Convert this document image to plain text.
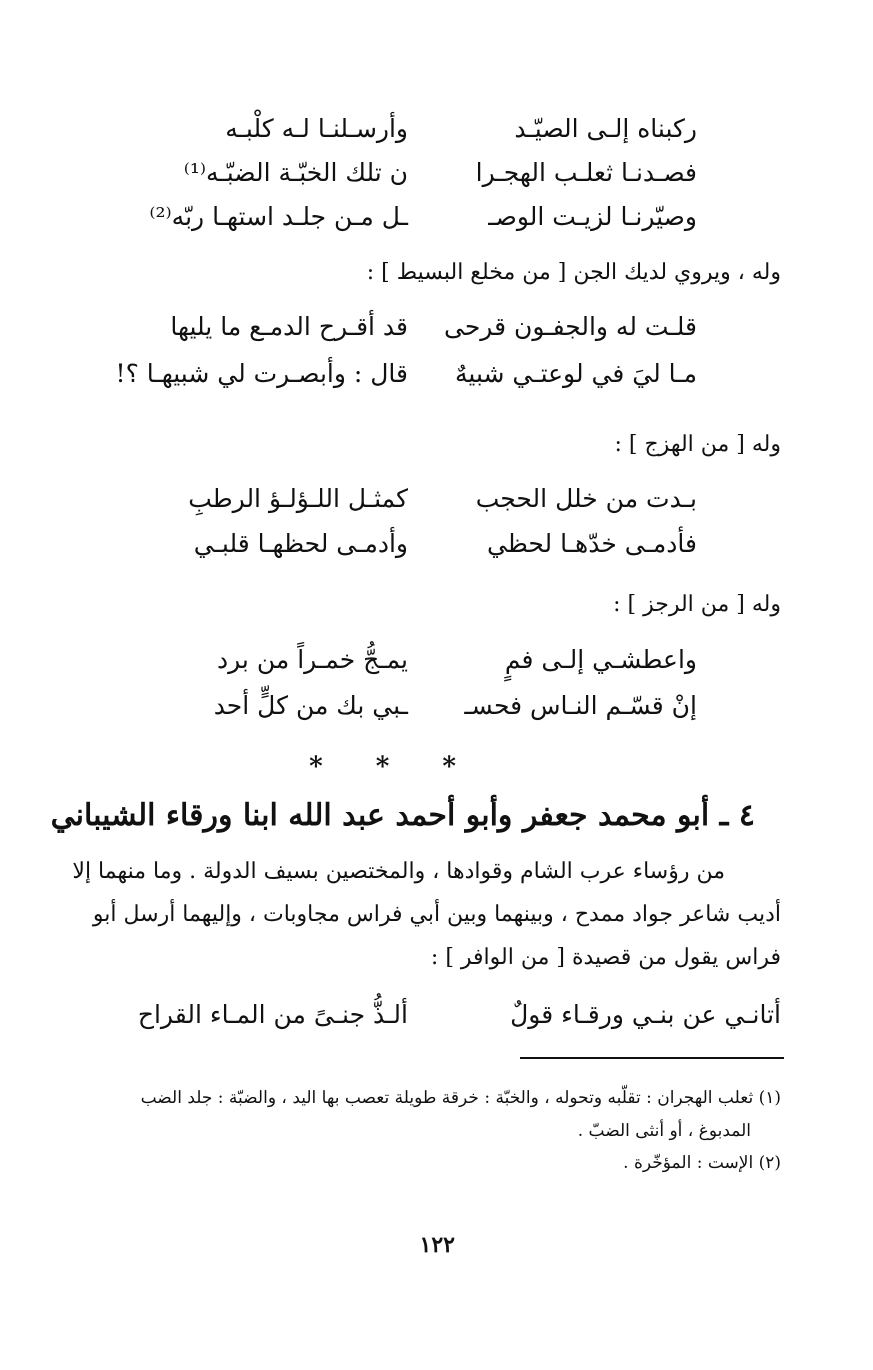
ركبناه إلـى الصيّـد
وأرسـلنـا لـه كلْبـه
فصـدنـا ثعلـب الهجـرا
ن تلك الخبّـة الضبّـه⁽¹⁾
وصيّرنـا لزيـت الوصـ
ـل مـن جلـد استهـا ربّه⁽²⁾
وله ، ويروي لديك الجن [ من مخلع البسيط ] :
قلـت له والجفـون قرحى
قد أقـرح الدمـع ما يليها
مـا ليَ في لوعتـي شبيهٌ
قال : وأبصـرت لي شبيهـا ؟!
وله [ من الهزج ] :
بـدت من خلل الحجب
كمثـل اللـؤلـؤ الرطبِ
فأدمـى خدّهـا لحظي
وأدمـى لحظهـا قلبـي
وله [ من الرجز ] :
واعطشـي إلـى فمٍ
يمـجُّ خمـراً من برد
إنْ قسّـم النـاس فحسـ
ـبي بك من كلٍّ أحد
* * *
٤ ـ أبو محمد جعفر وأبو أحمد عبد الله ابنا ورقاء الشيباني
من رؤساء عرب الشام وقوادها ، والمختصين بسيف الدولة . وما منهما إلا
أديب شاعر جواد ممدح ، وبينهما وبين أبي فراس مجاوبات ، وإليهما أرسل أبو
فراس يقول من قصيدة [ من الوافر ] :
أتانـي عن بنـي ورقـاء قولٌ
ألـذُّ جنـىً من المـاء القراح
(١) ثعلب الهجران : تقلّبه وتحوله ، والخبّة : خرقة طويلة تعصب بها اليد ، والضبّة : جلد الضب
المدبوغ ، أو أنثى الضبّ .
(٢) الإست : المؤخّرة .
١٢٢
